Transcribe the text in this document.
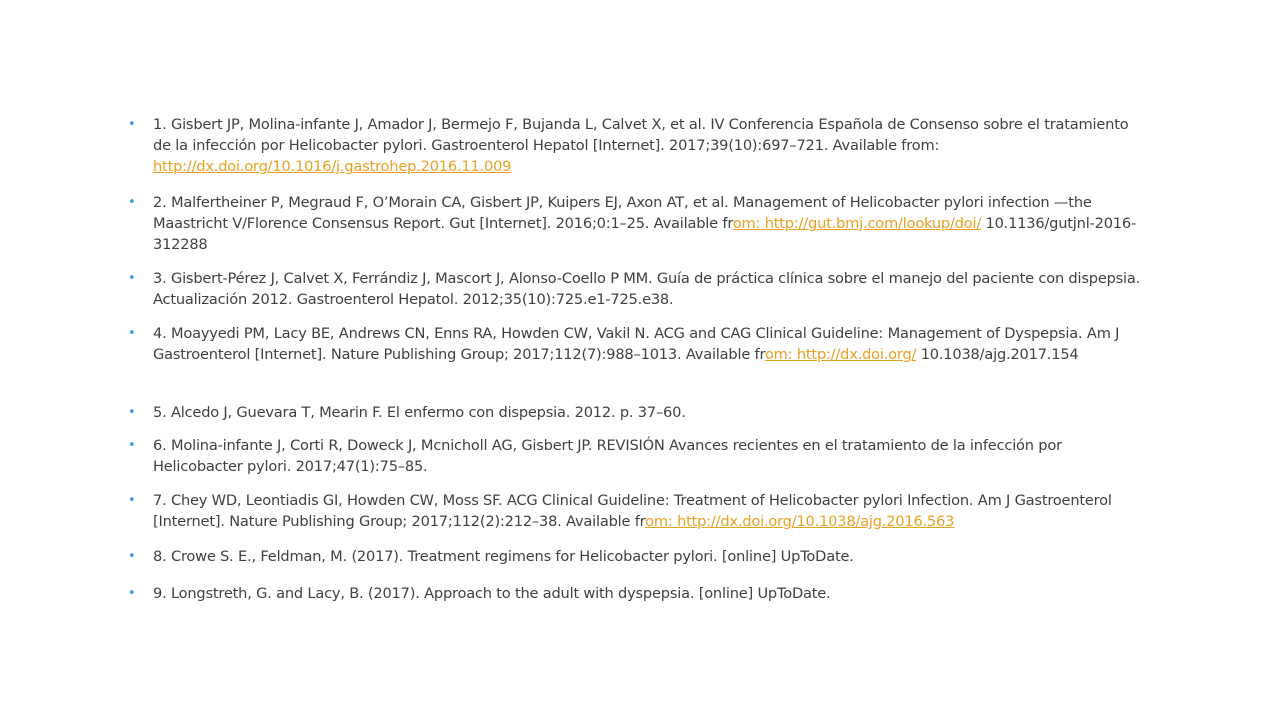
• 1. Gisbert JP, Molina-infante J, Amador J, Bermejo F, Bujanda L, Calvet X, et al. IV Conferencia Española de Consenso sobre el tratamiento de la infección por Helicobacter pylori. Gastroenterol Hepatol [Internet]. 2017;39(10):697–721. Available from: http://dx.doi.org/10.1016/j.gastrohep.2016.11.009

• 2. Malfertheiner P, Megraud F, O’Morain CA, Gisbert JP, Kuipers EJ, Axon AT, et al. Management of Helicobacter pylori infection —the Maastricht V/Florence Consensus Report. Gut [Internet]. 2016;0:1–25. Available from: http://gut.bmj.com/lookup/doi/ 10.1136/gutjnl-2016-312288

• 3. Gisbert-Pérez J, Calvet X, Ferrándiz J, Mascort J, Alonso-Coello P MM. Guía de práctica clínica sobre el manejo del paciente con dispepsia. Actualización 2012. Gastroenterol Hepatol. 2012;35(10):725.e1-725.e38.

• 4. Moayyedi PM, Lacy BE, Andrews CN, Enns RA, Howden CW, Vakil N. ACG and CAG Clinical Guideline: Management of Dyspepsia. Am J Gastroenterol [Internet]. Nature Publishing Group; 2017;112(7):988–1013. Available from: http://dx.doi.org/ 10.1038/ajg.2017.154

• 5. Alcedo J, Guevara T, Mearin F. El enfermo con dispepsia. 2012. p. 37–60.

• 6. Molina-infante J, Corti R, Doweck J, Mcnicholl AG, Gisbert JP. REVISIÓN Avances recientes en el tratamiento de la infección por Helicobacter pylori. 2017;47(1):75–85.

• 7. Chey WD, Leontiadis GI, Howden CW, Moss SF. ACG Clinical Guideline: Treatment of Helicobacter pylori Infection. Am J Gastroenterol [Internet]. Nature Publishing Group; 2017;112(2):212–38. Available from: http://dx.doi.org/10.1038/ajg.2016.563

• 8. Crowe S. E., Feldman, M. (2017). Treatment regimens for Helicobacter pylori. [online] UpToDate.

• 9. Longstreth, G. and Lacy, B. (2017). Approach to the adult with dyspepsia. [online] UpToDate.
